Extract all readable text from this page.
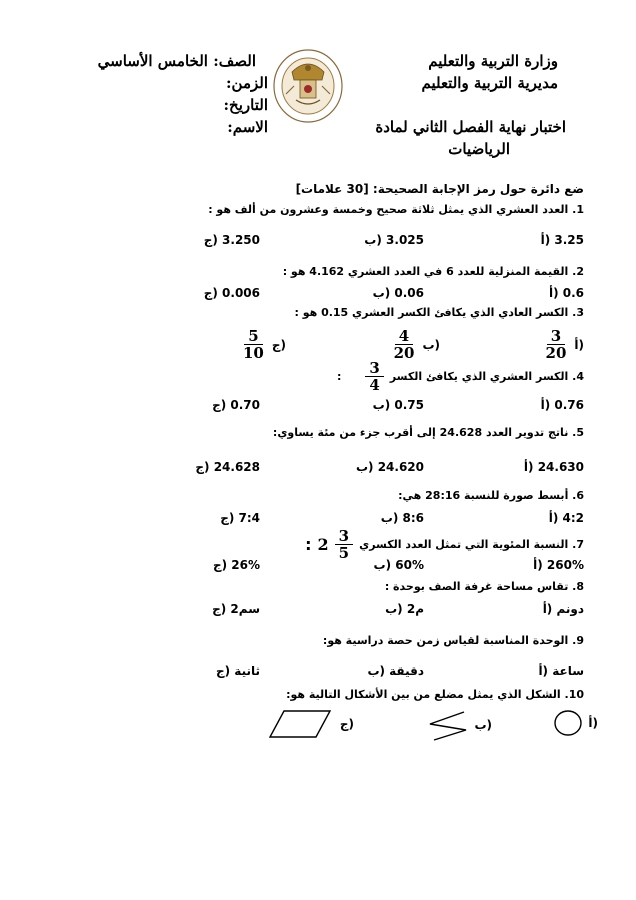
وزارة التربية والتعليم
مديرية التربية والتعليم
اختبار نهاية الفصل الثاني لمادة
الرياضيات
الصف: الخامس الأساسي
الزمن:
التاريخ:
الاسم:
ضع دائرة حول رمز الإجابة الصحيحة: [30 علامات]
1. العدد العشري الذي يمثل ثلاثة صحيح وخمسة وعشرون من ألف هو :
3.25 (أ
3.025 (ب
3.250 (ج
2. القيمة المنزلية للعدد 6 في العدد العشري 4.162 هو :
0.6 (أ
0.06 (ب
0.006 (ج
3. الكسر العادي الذي يكافئ الكسر العشري 0.15 هو :
(أ
$\frac{3}{20}$
(ب
$\frac{4}{20}$
(ج
$\frac{5}{10}$
4. الكسر العشري الذي يكافئ الكسر
$\frac{3}{4}$
:
0.76 (أ
0.75 (ب
0.70 (ج
5. ناتج تدوير العدد 24.628 إلى أقرب جزء من مئة يساوي:
24.630 (أ
24.620 (ب
24.628 (ج
6. أبسط صورة للنسبة 28:16 هي:
4:2 (أ
8:6 (ب
7:4 (ج
7. النسبة المئوية التي تمثل العدد الكسري
$\frac{3}{5}$
2
:
260% (أ
60% (ب
26% (ج
8. تقاس مساحة غرفة الصف بوحدة :
دونم (أ
م2 (ب
سم2 (ج
9. الوحدة المناسبة لقياس زمن حصة دراسية هو:
ساعة (أ
دقيقة (ب
ثانية (ج
10. الشكل الذي يمثل مضلع من بين الأشكال التالية هو:
(أ
(ب
(ج
